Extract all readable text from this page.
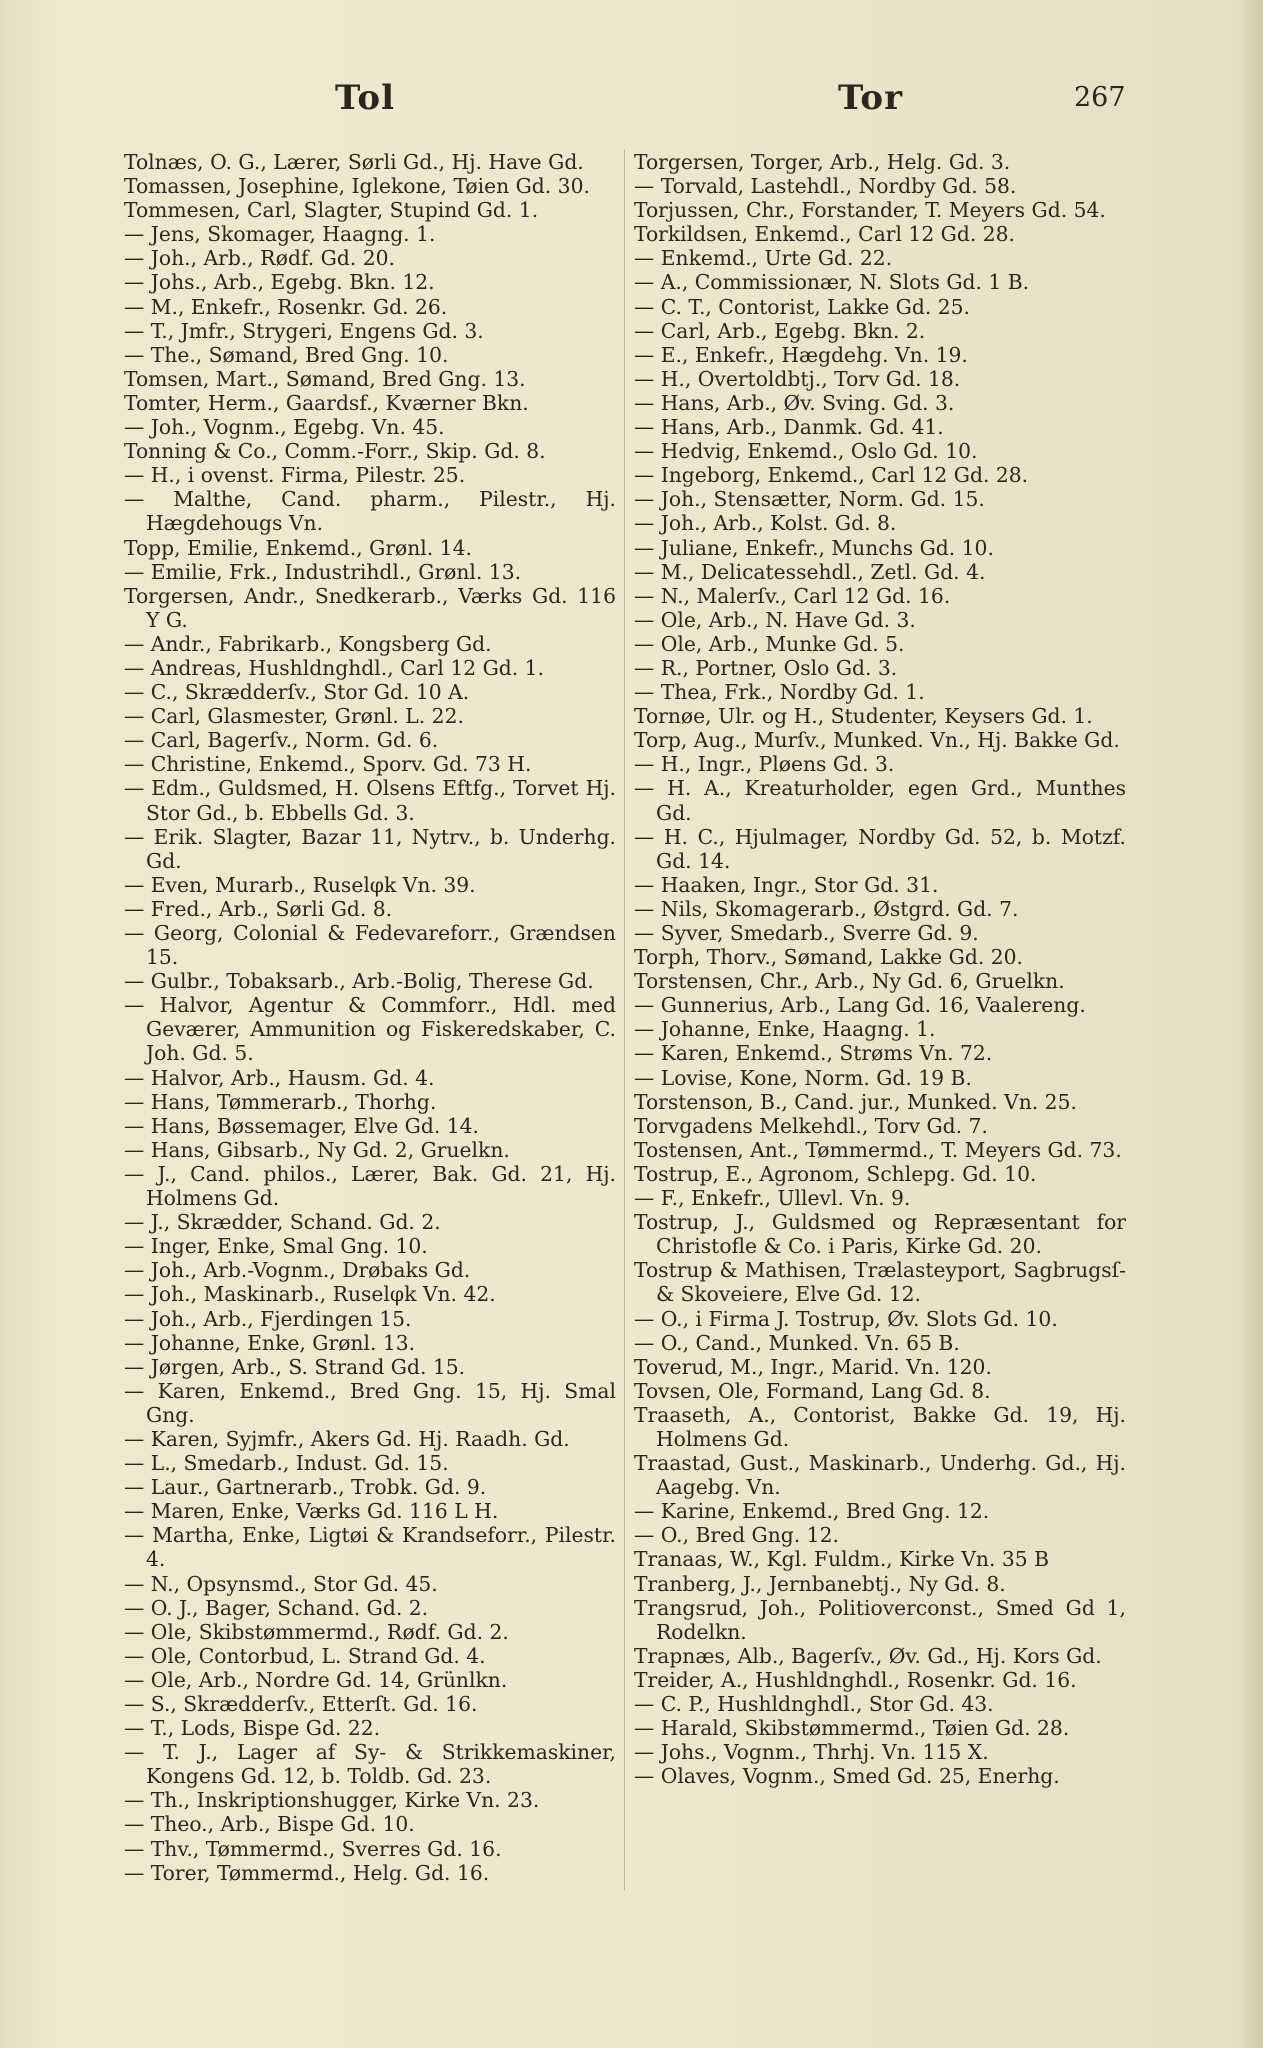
Tol	Tor	267
Tolnæs, O. G., Lærer, Sørli Gd., Hj. Have Gd.
Tomassen, Josephine, Iglekone, Tøien Gd. 30.
Tommesen, Carl, Slagter, Stupind Gd. 1.
— Jens, Skomager, Haagng. 1.
— Joh., Arb., Rødf. Gd. 20.
— Johs., Arb., Egebg. Bkn. 12.
— M., Enkefr., Rosenkr. Gd. 26.
— T., Jmfr., Strygeri, Engens Gd. 3.
— The., Sømand, Bred Gng. 10.
Tomsen, Mart., Sømand, Bred Gng. 13.
Tomter, Herm., Gaardsf., Kværner Bkn.
— Joh., Vognm., Egebg. Vn. 45.
Tonning & Co., Comm.-Forr., Skip. Gd. 8.
— H., i ovenst. Firma, Pilestr. 25.
— Malthe, Cand. pharm., Pilestr., Hj. Hægdehougs Vn.
Topp, Emilie, Enkemd., Grønl. 14.
— Emilie, Frk., Industrihdl., Grønl. 13.
Torgersen, Andr., Snedkerarb., Værks Gd. 116 Y G.
— Andr., Fabrikarb., Kongsberg Gd.
— Andreas, Hushldnghdl., Carl 12 Gd. 1.
— C., Skrædderſv., Stor Gd. 10 A.
— Carl, Glasmester, Grønl. L. 22.
— Carl, Bagerſv., Norm. Gd. 6.
— Christine, Enkemd., Sporv. Gd. 73 H.
— Edm., Guldsmed, H. Olsens Eftfg., Torvet Hj. Stor Gd., b. Ebbells Gd. 3.
— Erik. Slagter, Bazar 11, Nytrv., b. Underhg. Gd.
— Even, Murarb., Ruselφk Vn. 39.
— Fred., Arb., Sørli Gd. 8.
— Georg, Colonial & Fedevareforr., Grændsen 15.
— Gulbr., Tobaksarb., Arb.-Bolig, Therese Gd.
— Halvor, Agentur & Commforr., Hdl. med Geværer, Ammunition og Fiskeredskaber, C. Joh. Gd. 5.
— Halvor, Arb., Hausm. Gd. 4.
— Hans, Tømmerarb., Thorhg.
— Hans, Bøssemager, Elve Gd. 14.
— Hans, Gibsarb., Ny Gd. 2, Gruelkn.
— J., Cand. philos., Lærer, Bak. Gd. 21, Hj. Holmens Gd.
— J., Skrædder, Schand. Gd. 2.
— Inger, Enke, Smal Gng. 10.
— Joh., Arb.-Vognm., Drøbaks Gd.
— Joh., Maskinarb., Ruselφk Vn. 42.
— Joh., Arb., Fjerdingen 15.
— Johanne, Enke, Grønl. 13.
— Jørgen, Arb., S. Strand Gd. 15.
— Karen, Enkemd., Bred Gng. 15, Hj. Smal Gng.
— Karen, Syjmfr., Akers Gd. Hj. Raadh. Gd.
— L., Smedarb., Indust. Gd. 15.
— Laur., Gartnerarb., Trobk. Gd. 9.
— Maren, Enke, Værks Gd. 116 L H.
— Martha, Enke, Ligtøi & Krandseforr., Pilestr. 4.
— N., Opsynsmd., Stor Gd. 45.
— O. J., Bager, Schand. Gd. 2.
— Ole, Skibstømmermd., Rødf. Gd. 2.
— Ole, Contorbud, L. Strand Gd. 4.
— Ole, Arb., Nordre Gd. 14, Grünlkn.
— S., Skrædderſv., Etterſt. Gd. 16.
— T., Lods, Bispe Gd. 22.
— T. J., Lager af Sy- & Strikkemaskiner, Kongens Gd. 12, b. Toldb. Gd. 23.
— Th., Inskriptionshugger, Kirke Vn. 23.
— Theo., Arb., Bispe Gd. 10.
— Thv., Tømmermd., Sverres Gd. 16.
— Torer, Tømmermd., Helg. Gd. 16.
Torgersen, Torger, Arb., Helg. Gd. 3.
— Torvald, Lastehdl., Nordby Gd. 58.
Torjussen, Chr., Forstander, T. Meyers Gd. 54.
Torkildsen, Enkemd., Carl 12 Gd. 28.
— Enkemd., Urte Gd. 22.
— A., Commissionær, N. Slots Gd. 1 B.
— C. T., Contorist, Lakke Gd. 25.
— Carl, Arb., Egebg. Bkn. 2.
— E., Enkefr., Hægdehg. Vn. 19.
— H., Overtoldbtj., Torv Gd. 18.
— Hans, Arb., Øv. Sving. Gd. 3.
— Hans, Arb., Danmk. Gd. 41.
— Hedvig, Enkemd., Oslo Gd. 10.
— Ingeborg, Enkemd., Carl 12 Gd. 28.
— Joh., Stensætter, Norm. Gd. 15.
— Joh., Arb., Kolst. Gd. 8.
— Juliane, Enkefr., Munchs Gd. 10.
— M., Delicatessehdl., Zetl. Gd. 4.
— N., Malerſv., Carl 12 Gd. 16.
— Ole, Arb., N. Have Gd. 3.
— Ole, Arb., Munke Gd. 5.
— R., Portner, Oslo Gd. 3.
— Thea, Frk., Nordby Gd. 1.
Tornøe, Ulr. og H., Studenter, Keysers Gd. 1.
Torp, Aug., Murſv., Munked. Vn., Hj. Bakke Gd.
— H., Ingr., Pløens Gd. 3.
— H. A., Kreaturholder, egen Grd., Munthes Gd.
— H. C., Hjulmager, Nordby Gd. 52, b. Motzf. Gd. 14.
— Haaken, Ingr., Stor Gd. 31.
— Nils, Skomagerarb., Østgrd. Gd. 7.
— Syver, Smedarb., Sverre Gd. 9.
Torph, Thorv., Sømand, Lakke Gd. 20.
Torstensen, Chr., Arb., Ny Gd. 6, Gruelkn.
— Gunnerius, Arb., Lang Gd. 16, Vaalereng.
— Johanne, Enke, Haagng. 1.
— Karen, Enkemd., Strøms Vn. 72.
— Lovise, Kone, Norm. Gd. 19 B.
Torstenson, B., Cand. jur., Munked. Vn. 25.
Torvgadens Melkehdl., Torv Gd. 7.
Tostensen, Ant., Tømmermd., T. Meyers Gd. 73.
Tostrup, E., Agronom, Schlepg. Gd. 10.
— F., Enkefr., Ullevl. Vn. 9.
Tostrup, J., Guldsmed og Repræsentant for Christofle & Co. i Paris, Kirke Gd. 20.
Tostrup & Mathisen, Trælasteyport, Sagbrugsſ- & Skoveiere, Elve Gd. 12.
— O., i Firma J. Tostrup, Øv. Slots Gd. 10.
— O., Cand., Munked. Vn. 65 B.
Toverud, M., Ingr., Marid. Vn. 120.
Tovsen, Ole, Formand, Lang Gd. 8.
Traaseth, A., Contorist, Bakke Gd. 19, Hj. Holmens Gd.
Traastad, Gust., Maskinarb., Underhg. Gd., Hj. Aagebg. Vn.
— Karine, Enkemd., Bred Gng. 12.
— O., Bred Gng. 12.
Tranaas, W., Kgl. Fuldm., Kirke Vn. 35 B
Tranberg, J., Jernbanebtj., Ny Gd. 8.
Trangsrud, Joh., Politioverconst., Smed Gd 1, Rodelkn.
Trapnæs, Alb., Bagerſv., Øv. Gd., Hj. Kors Gd.
Treider, A., Hushldnghdl., Rosenkr. Gd. 16.
— C. P., Hushldnghdl., Stor Gd. 43.
— Harald, Skibstømmermd., Tøien Gd. 28.
— Johs., Vognm., Thrhj. Vn. 115 X.
— Olaves, Vognm., Smed Gd. 25, Enerhg.
